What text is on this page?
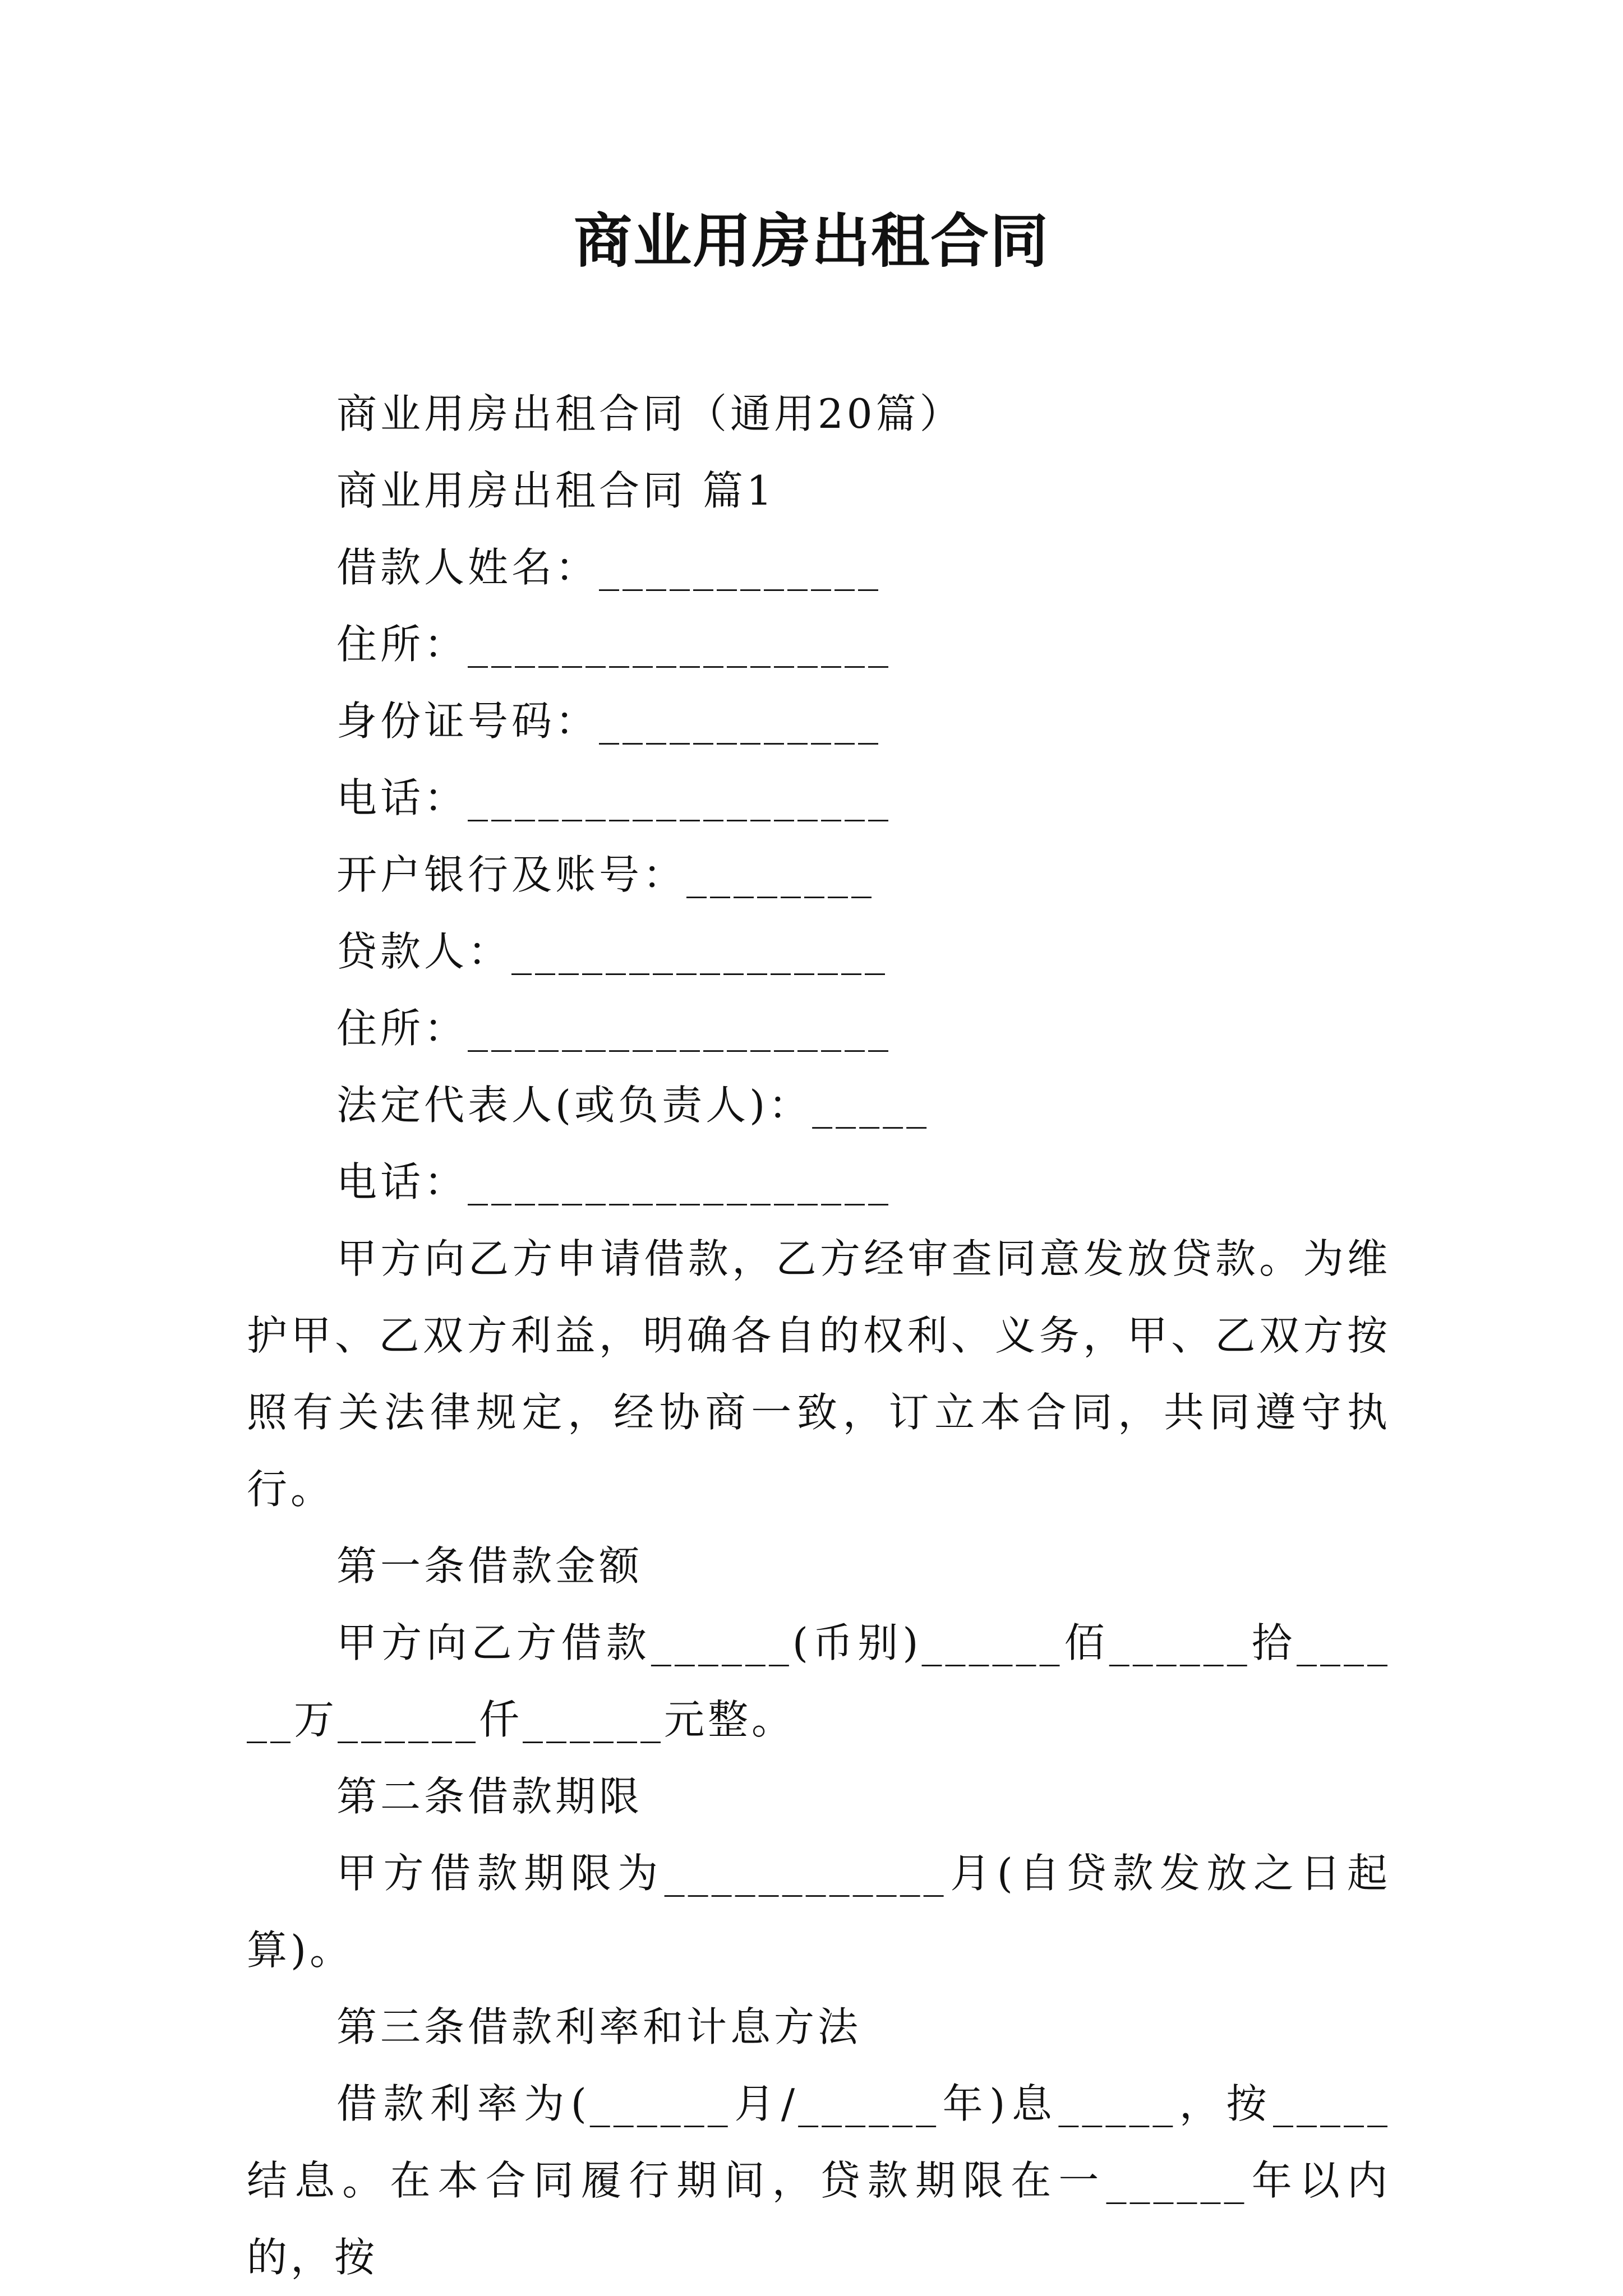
商业用房出租合同
商业用房出租合同（通用20篇）
商业用房出租合同 篇1
借款人姓名：____________
住所：__________________
身份证号码：____________
电话：__________________
开户银行及账号：________
贷款人：________________
住所：__________________
法定代表人(或负责人)：_____
电话：__________________
甲方向乙方申请借款，乙方经审查同意发放贷款。为维护甲、乙双方利益，明确各自的权利、义务，甲、乙双方按照有关法律规定，经协商一致，订立本合同，共同遵守执行。
第一条借款金额
甲方向乙方借款______(币别)______佰______拾______万______仟______元整。
第二条借款期限
甲方借款期限为____________月(自贷款发放之日起算)。
第三条借款利率和计息方法
借款利率为(______月/______年)息_____，按_____结息。在本合同履行期间，贷款期限在一______年以内的，按
